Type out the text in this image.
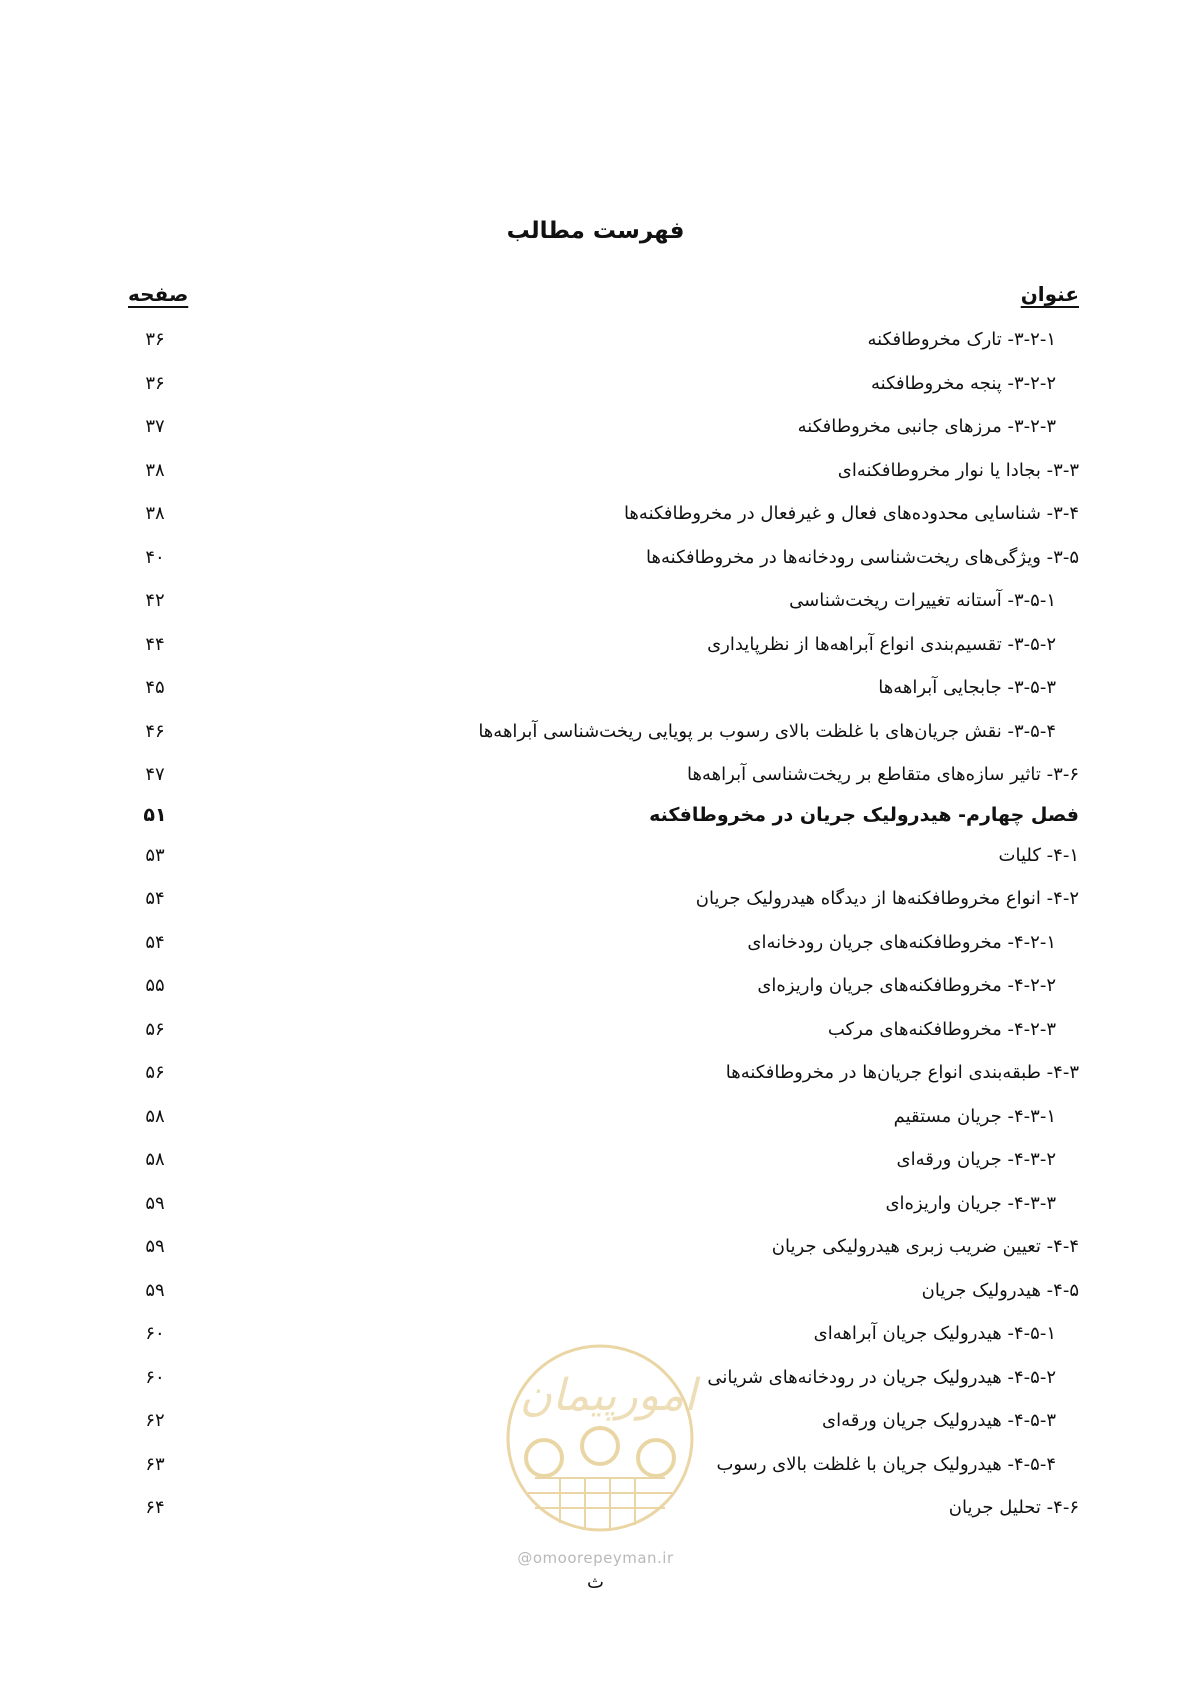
فهرست مطالب
عنوان
صفحه
۳-۲-۱- تارک مخروطافکنه
۳۶
۳-۲-۲- پنجه مخروطافکنه
۳۶
۳-۲-۳- مرزهای جانبی مخروطافکنه
۳۷
۳-۳- بجادا یا نوار مخروطافکنه‌ای
۳۸
۳-۴- شناسایی محدوده‌های فعال و غیرفعال در مخروطافکنه‌ها
۳۸
۳-۵- ویژگی‌های ریخت‌شناسی رودخانه‌ها در مخروطافکنه‌ها
۴۰
۳-۵-۱- آستانه تغییرات ریخت‌شناسی
۴۲
۳-۵-۲- تقسیم‌بندی انواع آبراهه‌ها از نظرپایداری
۴۴
۳-۵-۳- جابجایی آبراهه‌ها
۴۵
۳-۵-۴- نقش جریان‌های با غلظت بالای رسوب بر پویایی ریخت‌شناسی آبراهه‌ها
۴۶
۳-۶- تاثیر سازه‌های متقاطع بر ریخت‌شناسی آبراهه‌ها
۴۷
فصل چهارم- هیدرولیک جریان در مخروطافکنه
۵۱
۴-۱- کلیات
۵۳
۴-۲- انواع مخروطافکنه‌ها از دیدگاه هیدرولیک جریان
۵۴
۴-۲-۱- مخروطافکنه‌های جریان رودخانه‌ای
۵۴
۴-۲-۲- مخروطافکنه‌های جریان واریزه‌ای
۵۵
۴-۲-۳- مخروطافکنه‌های مرکب
۵۶
۴-۳- طبقه‌بندی انواع جریان‌ها در مخروطافکنه‌ها
۵۶
۴-۳-۱- جریان مستقیم
۵۸
۴-۳-۲- جریان ورقه‌ای
۵۸
۴-۳-۳- جریان واریزه‌ای
۵۹
۴-۴- تعیین ضریب زبری هیدرولیکی جریان
۵۹
۴-۵- هیدرولیک جریان
۵۹
۴-۵-۱- هیدرولیک جریان آبراهه‌ای
۶۰
۴-۵-۲- هیدرولیک جریان در رودخانه‌های شریانی
۶۰
۴-۵-۳- هیدرولیک جریان ورقه‌ای
۶۲
۴-۵-۴- هیدرولیک جریان با غلظت بالای رسوب
۶۳
۴-۶- تحلیل جریان
۶۴
امورپیمان
@omoorepeyman.ir
ث
